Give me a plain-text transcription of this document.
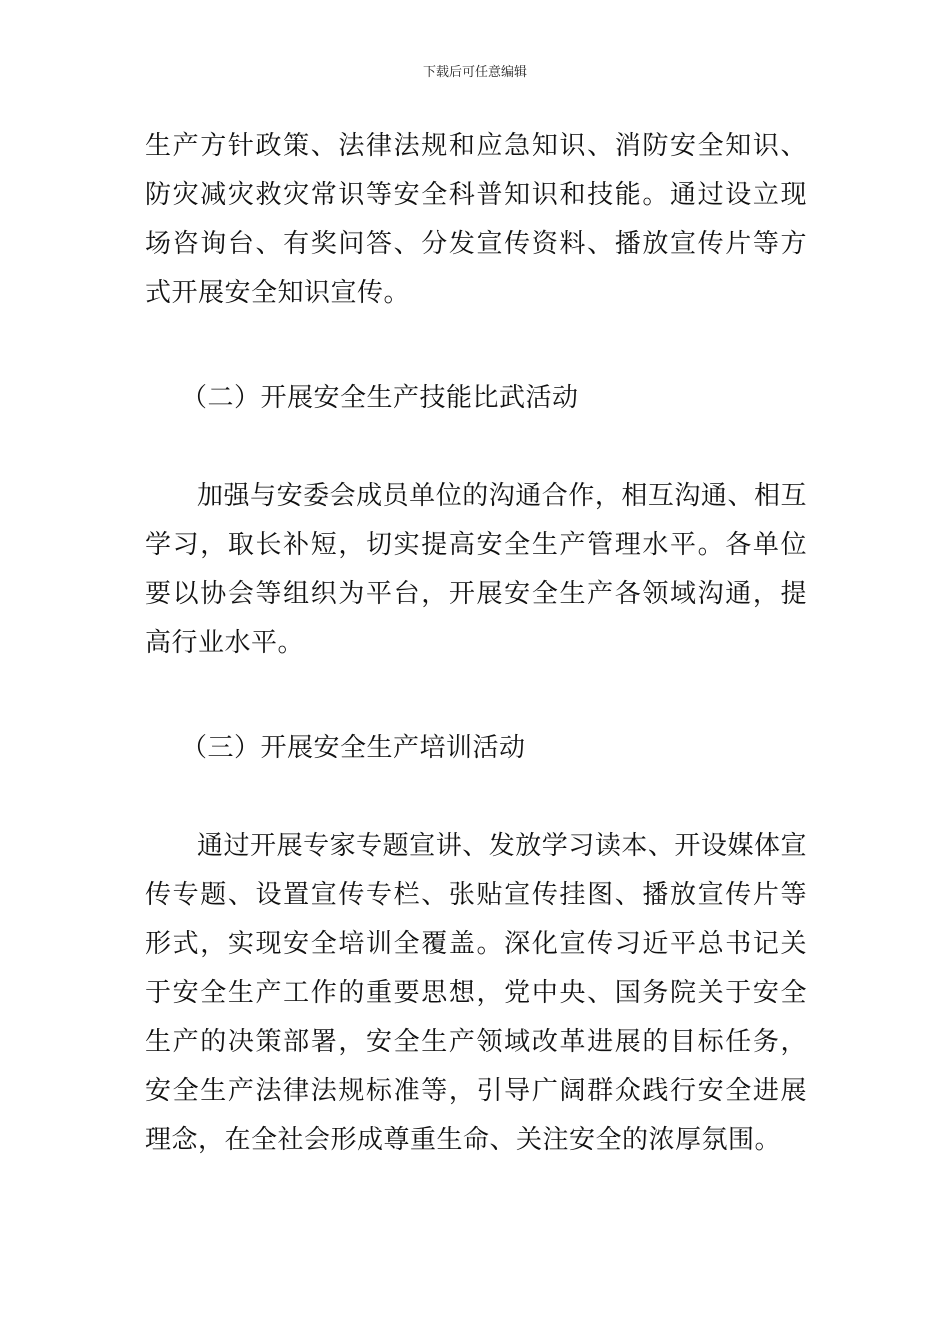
下载后可任意编辑

生产方针政策、法律法规和应急知识、消防安全知识、防灾减灾救灾常识等安全科普知识和技能。通过设立现场咨询台、有奖问答、分发宣传资料、播放宣传片等方式开展安全知识宣传。

（二）开展安全生产技能比武活动

加强与安委会成员单位的沟通合作，相互沟通、相互学习，取长补短，切实提高安全生产管理水平。各单位要以协会等组织为平台，开展安全生产各领域沟通，提高行业水平。

（三）开展安全生产培训活动

通过开展专家专题宣讲、发放学习读本、开设媒体宣传专题、设置宣传专栏、张贴宣传挂图、播放宣传片等形式，实现安全培训全覆盖。深化宣传习近平总书记关于安全生产工作的重要思想，党中央、国务院关于安全生产的决策部署，安全生产领域改革进展的目标任务，安全生产法律法规标准等，引导广阔群众践行安全进展理念，在全社会形成尊重生命、关注安全的浓厚氛围。
